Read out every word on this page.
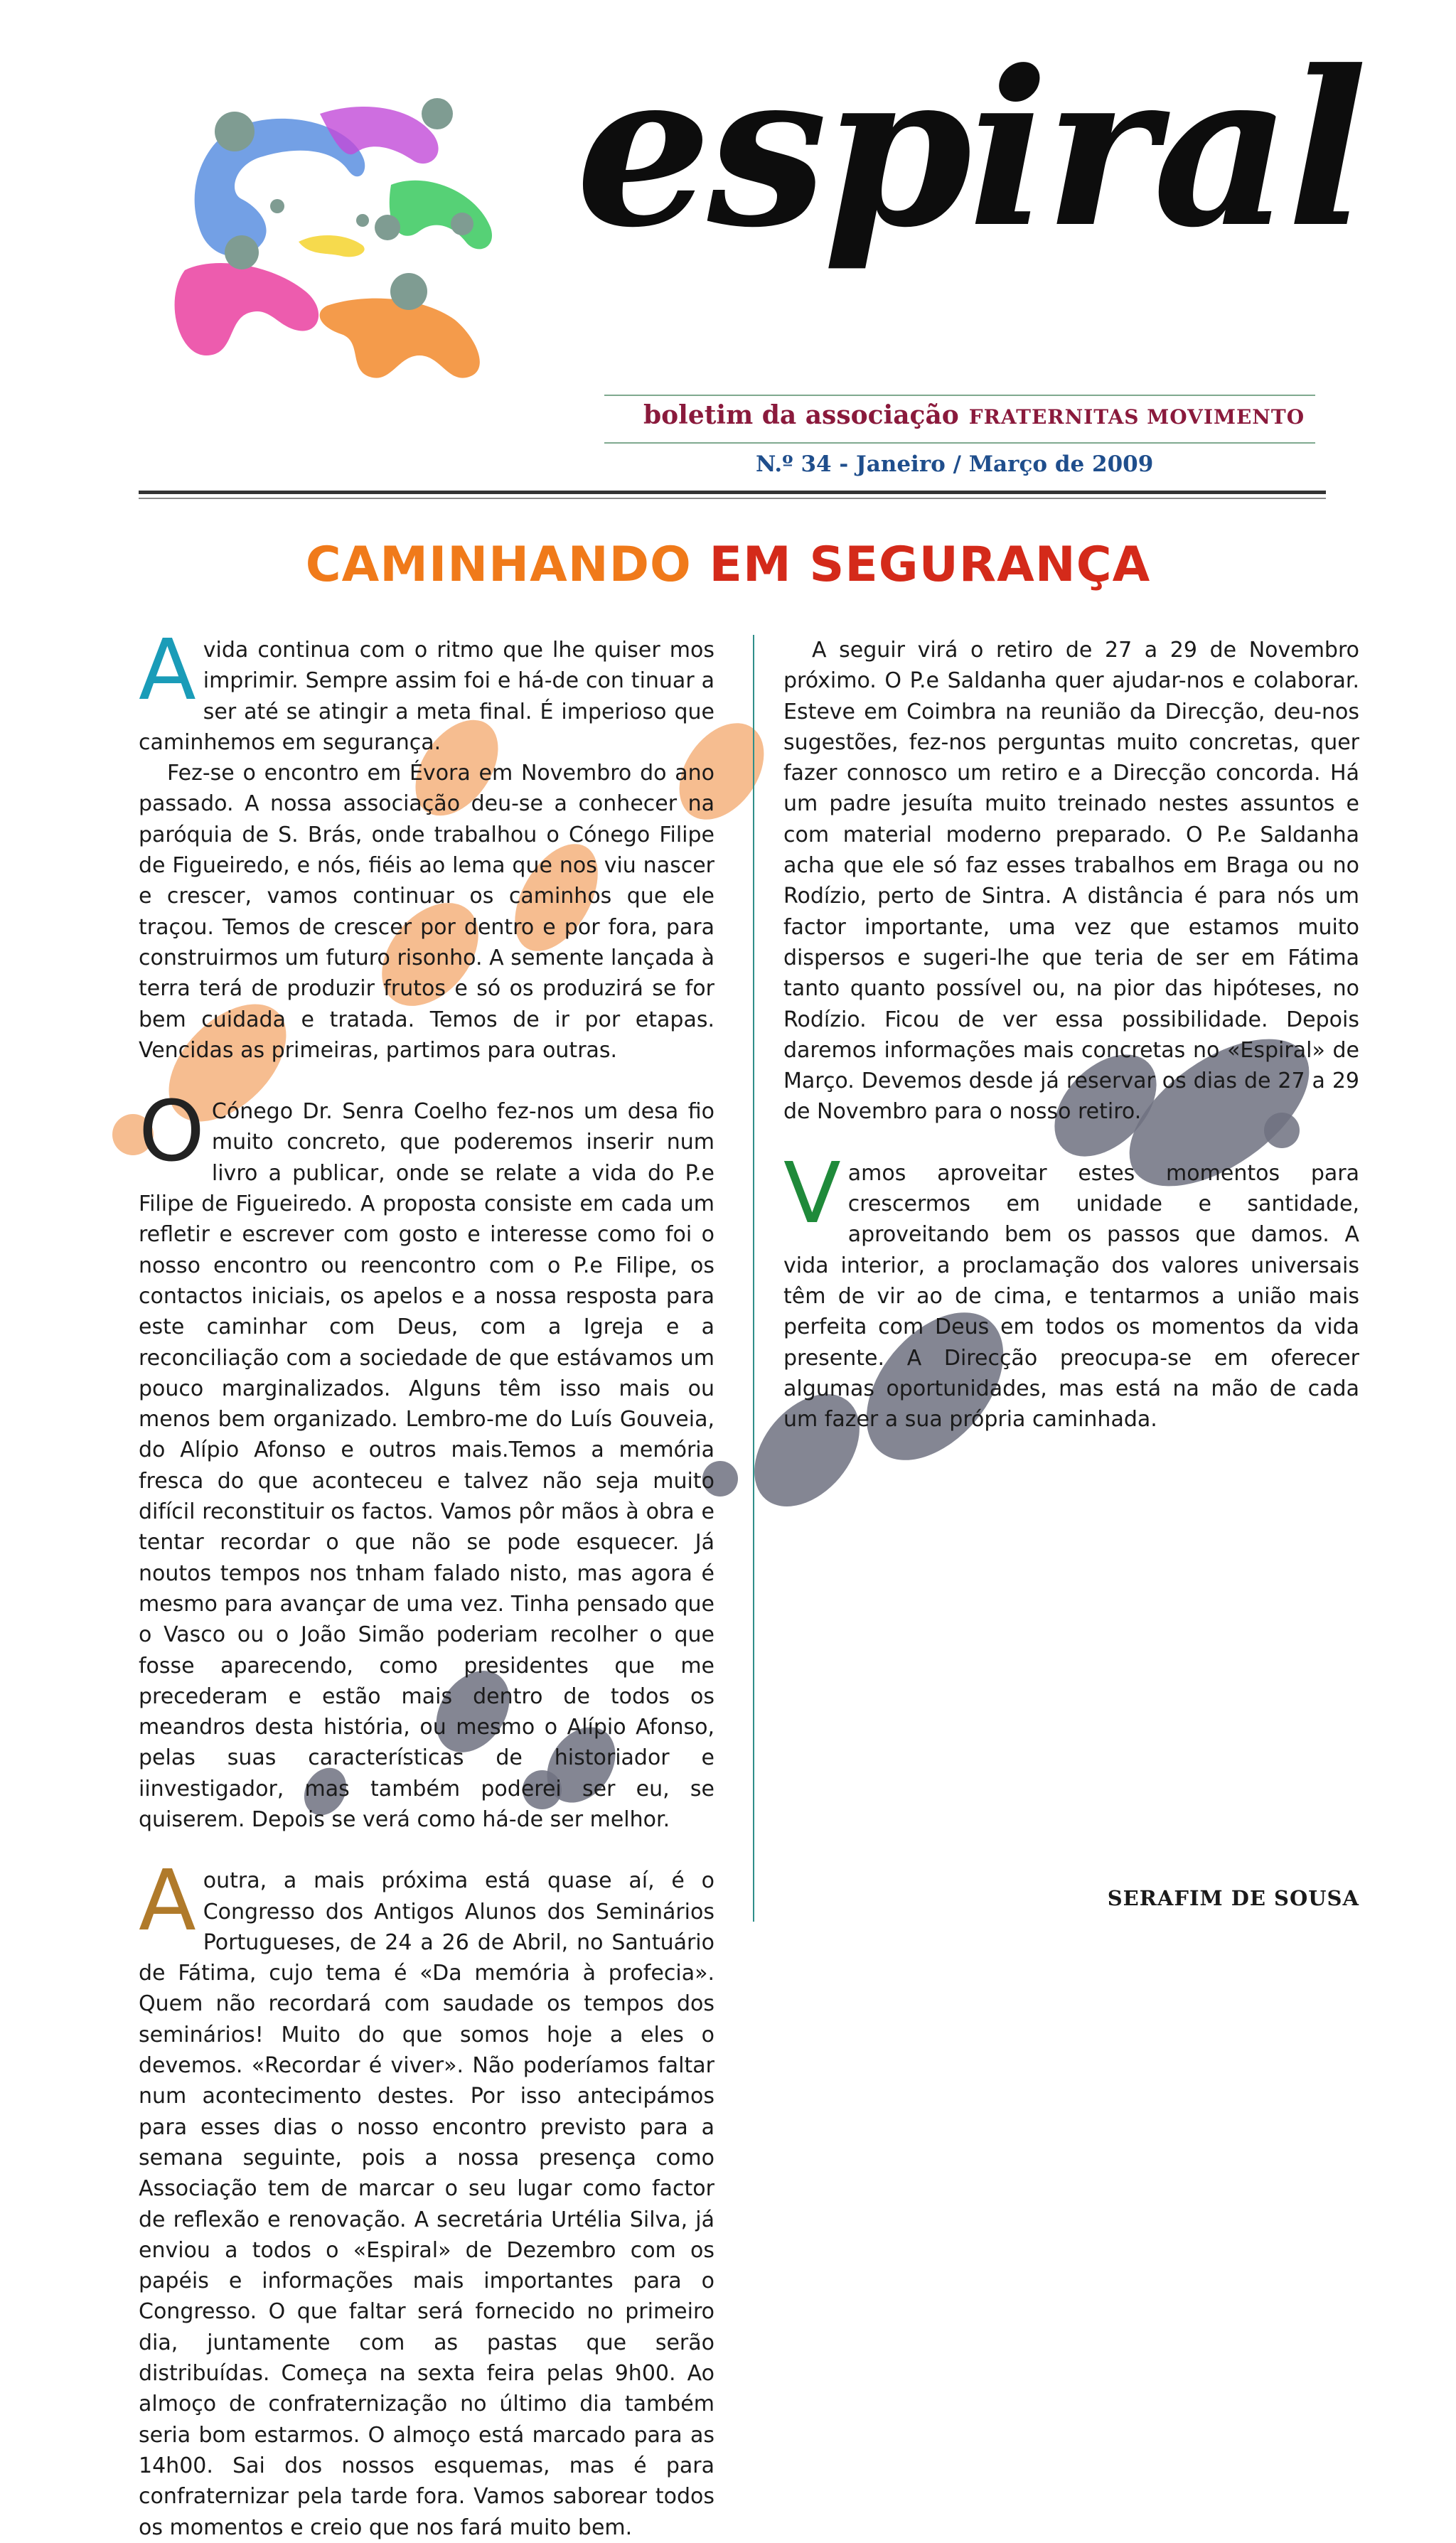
espiral
boletim da associação FRATERNITAS MOVIMENTO
N.º 34 - Janeiro / Março de 2009
CAMINHANDO EM SEGURANÇA

Avida continua com o ritmo que lhe quiser mos imprimir. Sempre assim foi e há-de con tinuar a ser até se atingir a meta final. É imperioso que caminhemos em segurança.

Fez-se o encontro em Évora em Novembro do ano passado. A nossa associação deu-se a conhecer na paróquia de S. Brás, onde trabalhou o Cónego Filipe de Figueiredo, e nós, fiéis ao lema que nos viu nascer e crescer, vamos continuar os caminhos que ele traçou. Temos de crescer por dentro e por fora, para construirmos um futuro risonho. A semente lançada à terra terá de produzir frutos e só os produzirá se for bem cuidada e tratada. Temos de ir por etapas. Vencidas as primeiras, partimos para outras.

O Cónego Dr. Senra Coelho fez-nos um desa fio muito concreto, que poderemos inserir num livro a publicar, onde se relate a vida do P.e Filipe de Figueiredo. A proposta consiste em cada um refletir e escrever com gosto e interesse como foi o nosso encontro ou reencontro com o P.e Filipe, os contactos iniciais, os apelos e a nossa resposta para este caminhar com Deus, com a Igreja e a reconciliação com a sociedade de que estávamos um pouco marginalizados. Alguns têm isso mais ou menos bem organizado. Lembro-me do Luís Gouveia, do Alípio Afonso e outros mais.Temos a memória fresca do que aconteceu e talvez não seja muito difícil reconstituir os factos. Vamos pôr mãos à obra e tentar recordar o que não se pode esquecer. Já noutos tempos nos tnham falado nisto, mas agora é mesmo para avançar de uma vez. Tinha pensado que o Vasco ou o João Simão poderiam recolher o que fosse aparecendo, como presidentes que me precederam e estão mais dentro de todos os meandros desta história, ou mesmo o Alípio Afonso, pelas suas características de historiador e iinvestigador, mas também poderei ser eu, se quiserem. Depois se verá como há-de ser melhor.

Aoutra, a mais próxima está quase aí, é o Congresso dos Antigos Alunos dos Seminários Portugueses, de 24 a 26 de Abril, no Santuário de Fátima, cujo tema é «Da memória à profecia». Quem não recordará com saudade os tempos dos seminários! Muito do que somos hoje a eles o devemos. «Recordar é viver». Não poderíamos faltar num acontecimento destes. Por isso antecipámos para esses dias o nosso encontro previsto para a semana seguinte, pois a nossa presença como Associação tem de marcar o seu lugar como factor de reflexão e renovação. A secretária Urtélia Silva, já enviou a todos o «Espiral» de Dezembro com os papéis e informações mais importantes para o Congresso. O que faltar será fornecido no primeiro dia, juntamente com as pastas que serão distribuídas. Começa na sexta feira pelas 9h00. Ao almoço de confraternização no último dia também seria bom estarmos. O almoço está marcado para as 14h00. Sai dos nossos esquemas, mas é para confraternizar pela tarde fora. Vamos saborear todos os momentos e creio que nos fará muito bem.

A seguir virá o retiro de 27 a 29 de Novembro próximo. O P.e Saldanha quer ajudar-nos e colaborar. Esteve em Coimbra na reunião da Direcção, deu-nos sugestões, fez-nos perguntas muito concretas, quer fazer connosco um retiro e a Direcção concorda. Há um padre jesuíta muito treinado nestes assuntos e com material moderno preparado. O P.e Saldanha acha que ele só faz esses trabalhos em Braga ou no Rodízio, perto de Sintra. A distância é para nós um factor importante, uma vez que estamos muito dispersos e sugeri-lhe que teria de ser em Fátima tanto quanto possível ou, na pior das hipóteses, no Rodízio. Ficou de ver essa possibilidade. Depois daremos informações mais concretas no «Espiral» de Março. Devemos desde já reservar os dias de 27 a 29 de Novembro para o nosso retiro.

Vamos aproveitar estes momentos para crescermos em unidade e santidade, aproveitando bem os passos que damos. A vida interior, a proclamação dos valores universais têm de vir ao de cima, e tentarmos a união mais perfeita com Deus em todos os momentos da vida presente. A Direcção preocupa-se em oferecer algumas oportunidades, mas está na mão de cada um fazer a sua própria caminhada.

SERAFIM DE SOUSA
